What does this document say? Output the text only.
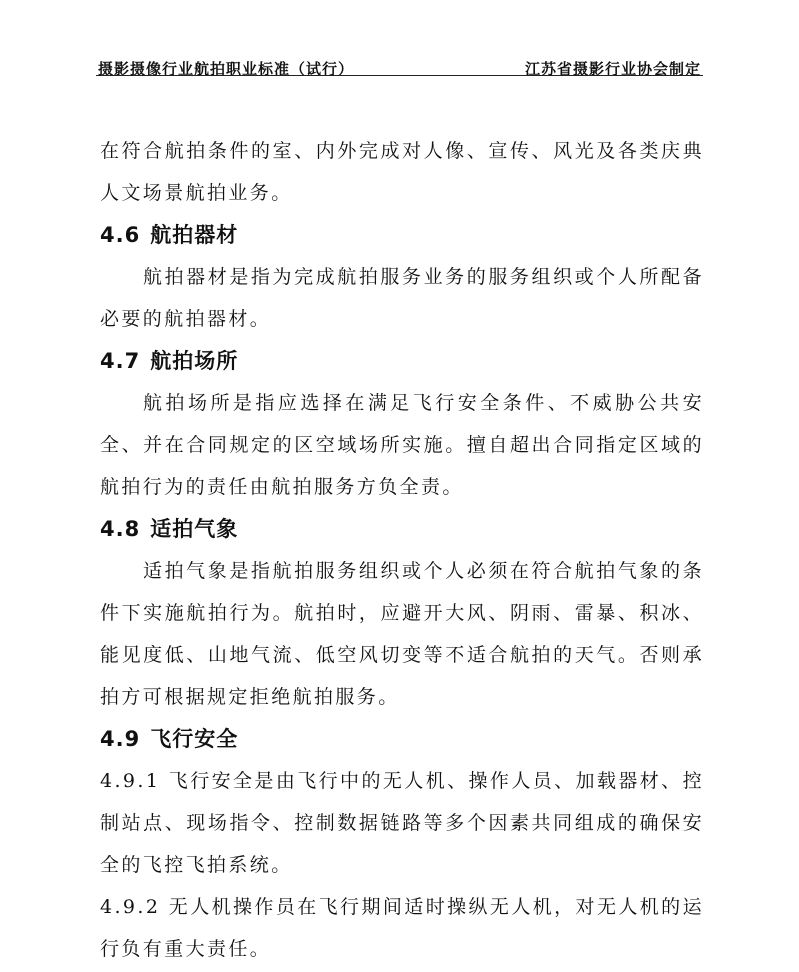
摄影摄像行业航拍职业标准（试行）	江苏省摄影行业协会制定

在符合航拍条件的室、内外完成对人像、宣传、风光及各类庆典人文场景航拍业务。

4.6 航拍器材

航拍器材是指为完成航拍服务业务的服务组织或个人所配备必要的航拍器材。

4.7 航拍场所

航拍场所是指应选择在满足飞行安全条件、不威胁公共安全、并在合同规定的区空域场所实施。擅自超出合同指定区域的航拍行为的责任由航拍服务方负全责。

4.8 适拍气象

适拍气象是指航拍服务组织或个人必须在符合航拍气象的条件下实施航拍行为。航拍时，应避开大风、阴雨、雷暴、积冰、能见度低、山地气流、低空风切变等不适合航拍的天气。否则承拍方可根据规定拒绝航拍服务。

4.9 飞行安全

4.9.1 飞行安全是由飞行中的无人机、操作人员、加载器材、控制站点、现场指令、控制数据链路等多个因素共同组成的确保安全的飞控飞拍系统。

4.9.2 无人机操作员在飞行期间适时操纵无人机，对无人机的运行负有重大责任。
